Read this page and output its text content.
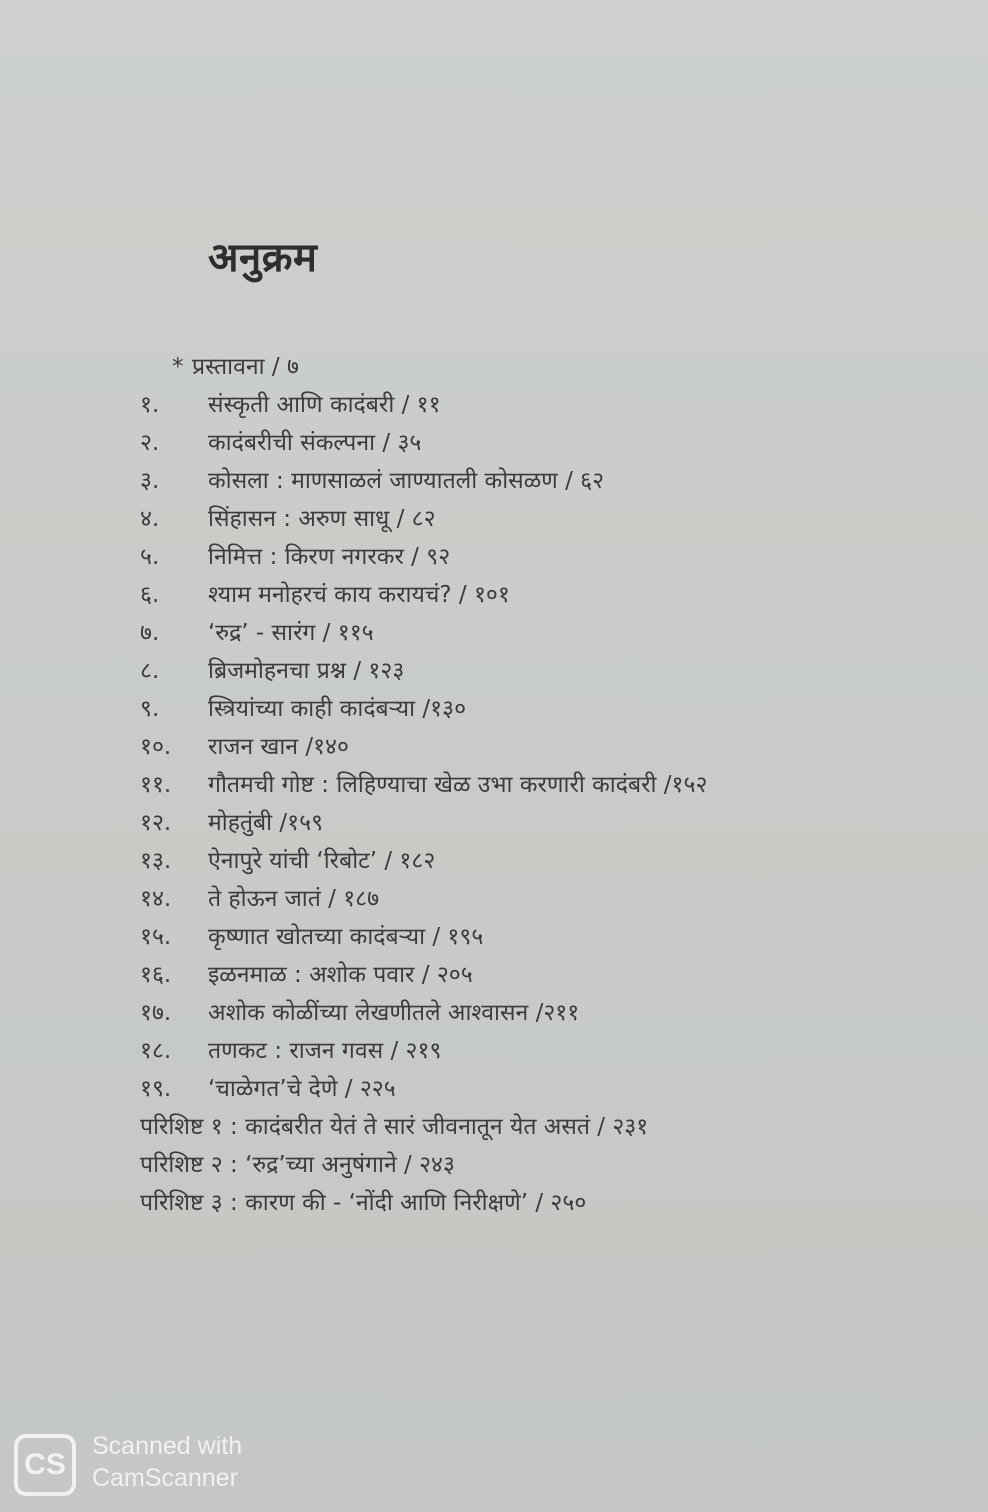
अनुक्रम
* प्रस्तावना / ७
१.	संस्कृती आणि कादंबरी / ११
२.	कादंबरीची संकल्पना / ३५
३.	कोसला : माणसाळलं जाण्यातली कोसळण / ६२
४.	सिंहासन : अरुण साधू / ८२
५.	निमित्त : किरण नगरकर / ९२
६.	श्याम मनोहरचं काय करायचं? / १०१
७.	‘रुद्र’ - सारंग / ११५
८.	ब्रिजमोहनचा प्रश्न / १२३
९.	स्त्रियांच्या काही कादंबऱ्या /१३०
१०.	राजन खान /१४०
११.	गौतमची गोष्ट : लिहिण्याचा खेळ उभा करणारी कादंबरी /१५२
१२.	मोहतुंबी /१५९
१३.	ऐनापुरे यांची ‘रिबोट’ / १८२
१४.	ते होऊन जातं / १८७
१५.	कृष्णात खोतच्या कादंबऱ्या / १९५
१६.	इळनमाळ : अशोक पवार / २०५
१७.	अशोक कोळींच्या लेखणीतले आश्वासन /२११
१८.	तणकट : राजन गवस / २१९
१९.	‘चाळेगत’चे देणे / २२५
परिशिष्ट १ : कादंबरीत येतं ते सारं जीवनातून येत असतं / २३१
परिशिष्ट २ : ‘रुद्र’च्या अनुषंगाने / २४३
परिशिष्ट ३ : कारण की - ‘नोंदी आणि निरीक्षणे’ / २५०
CS
Scanned with
CamScanner
